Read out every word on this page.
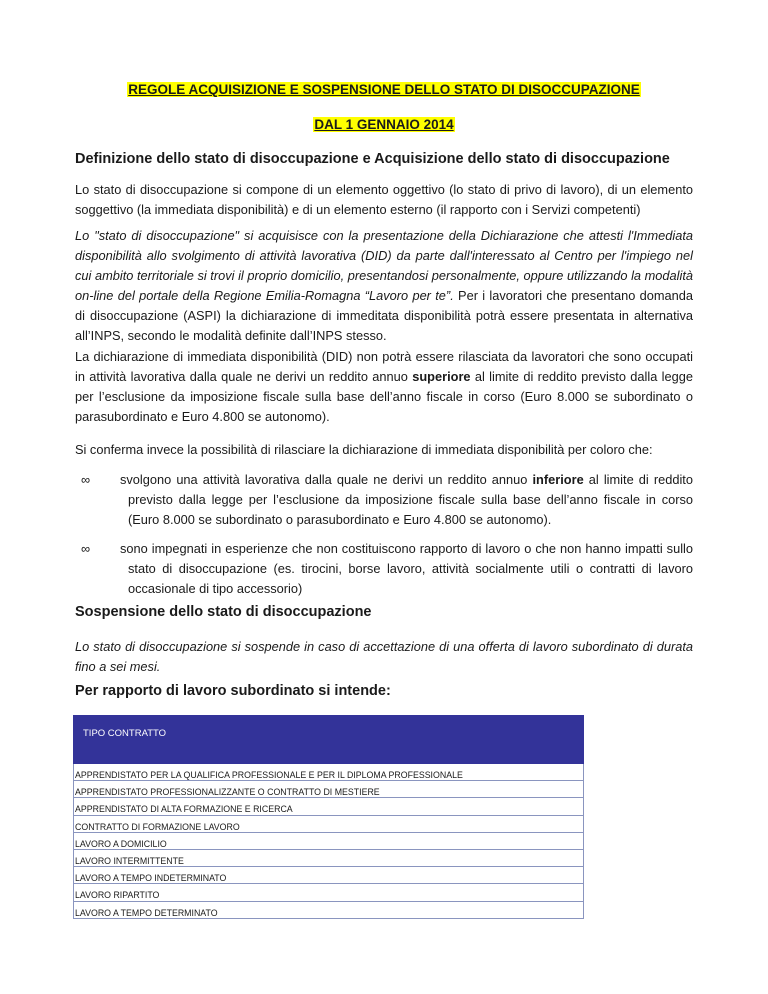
REGOLE ACQUISIZIONE E SOSPENSIONE DELLO STATO DI DISOCCUPAZIONE
DAL 1 GENNAIO 2014
Definizione dello stato di disoccupazione e Acquisizione dello stato di disoccupazione

Lo stato di disoccupazione si compone di un elemento oggettivo (lo stato di privo di lavoro), di un elemento soggettivo (la immediata disponibilità) e di un elemento esterno (il rapporto con i Servizi competenti)

Lo "stato di disoccupazione" si acquisisce con la presentazione della Dichiarazione che attesti l'Immediata disponibilità allo svolgimento di attività lavorativa (DID) da parte dall'interessato al Centro per l'impiego nel cui ambito territoriale si trovi il proprio domicilio, presentandosi personalmente, oppure utilizzando la modalità on-line del portale della Regione Emilia-Romagna “Lavoro per te”. Per i lavoratori che presentano domanda di disoccupazione (ASPI) la dichiarazione di immeditata disponibilità potrà essere presentata in alternativa all’INPS, secondo le modalità definite dall’INPS stesso.

La dichiarazione di immediata disponibilità (DID) non potrà essere rilasciata da lavoratori che sono occupati in attività lavorativa dalla quale ne derivi un reddito annuo superiore al limite di reddito previsto dalla legge per l’esclusione da imposizione fiscale sulla base dell’anno fiscale in corso (Euro 8.000 se subordinato o parasubordinato e Euro 4.800 se autonomo).

Si conferma invece la possibilità di rilasciare la dichiarazione di immediata disponibilità per coloro che:

∞ svolgono una attività lavorativa dalla quale ne derivi un reddito annuo inferiore al limite di reddito previsto dalla legge per l’esclusione da imposizione fiscale sulla base dell’anno fiscale in corso (Euro 8.000 se subordinato o parasubordinato e Euro 4.800 se autonomo).
∞ sono impegnati in esperienze che non costituiscono rapporto di lavoro o che non hanno impatti sullo stato di disoccupazione (es. tirocini, borse lavoro, attività socialmente utili o contratti di lavoro occasionale di tipo accessorio)
Sospensione dello stato di disoccupazione

Lo stato di disoccupazione si sospende in caso di accettazione di una offerta di lavoro subordinato di durata fino a sei mesi.

Per rapporto di lavoro subordinato si intende:
TIPO CONTRATTO
APPRENDISTATO PER LA QUALIFICA PROFESSIONALE E PER IL DIPLOMA PROFESSIONALE
APPRENDISTATO PROFESSIONALIZZANTE O CONTRATTO DI MESTIERE
APPRENDISTATO DI ALTA FORMAZIONE E RICERCA
CONTRATTO DI FORMAZIONE LAVORO
LAVORO A DOMICILIO
LAVORO INTERMITTENTE
LAVORO A TEMPO INDETERMINATO
LAVORO RIPARTITO
LAVORO A TEMPO DETERMINATO
